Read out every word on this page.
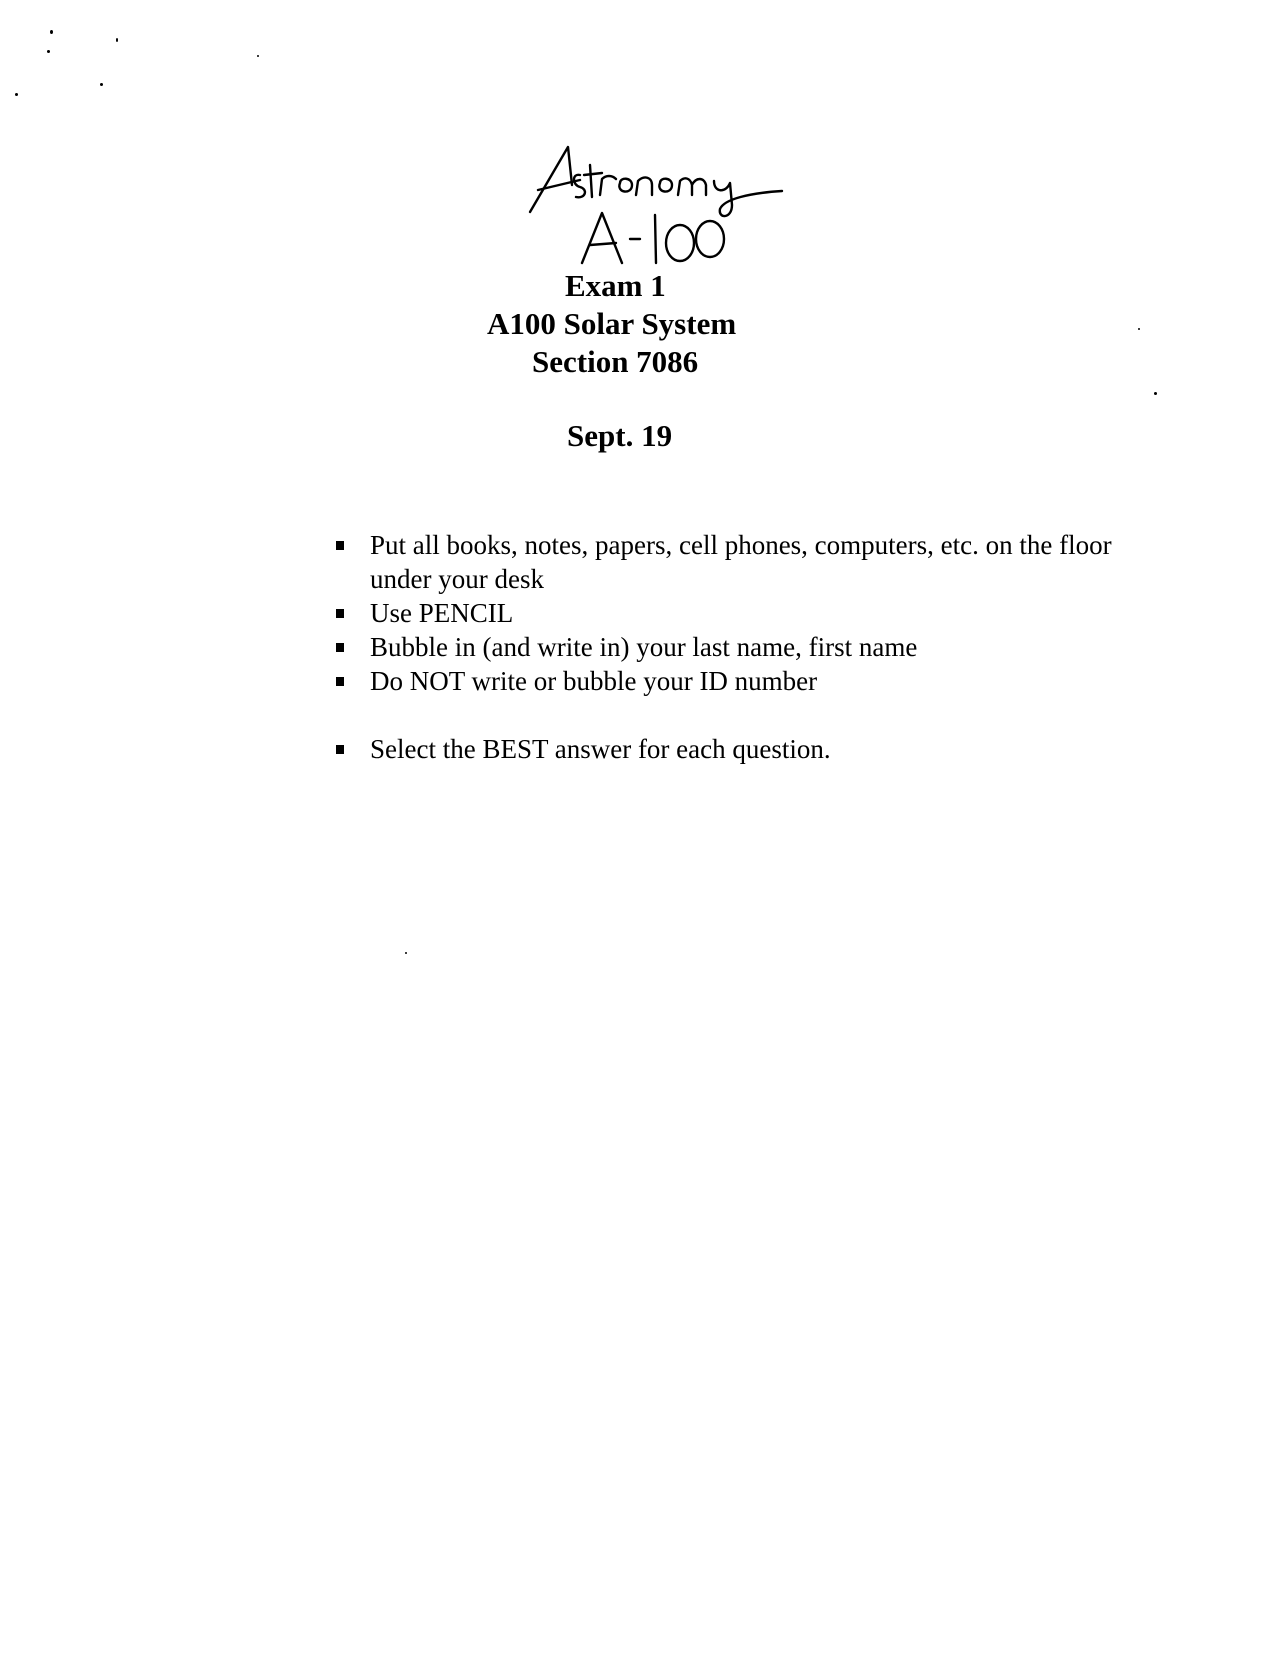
Exam 1
A100 Solar System
Section 7086
Sept. 19
Put all books, notes, papers, cell phones, computers, etc. on the floor under your desk
Use PENCIL
Bubble in (and write in) your last name, first name
Do NOT write or bubble your ID number
Select the BEST answer for each question.
